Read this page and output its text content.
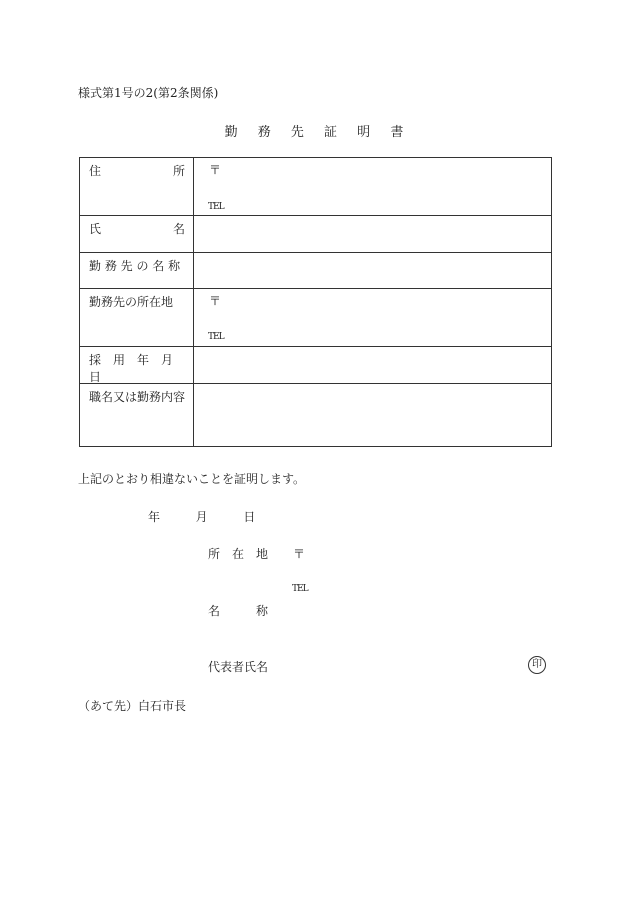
様式第1号の2(第2条関係)
勤 務 先 証 明 書
住 所	〒
TEL

氏 名	

勤 務 先 の 名 称	

勤務先の所在地	〒
TEL

採　用　年　月　日	

職名又は勤務内容	

上記のとおり相違ないことを証明します。
年	月	日
所　在　地 〒
TEL
名　　　称
代表者氏名	印
（あて先）白石市長
